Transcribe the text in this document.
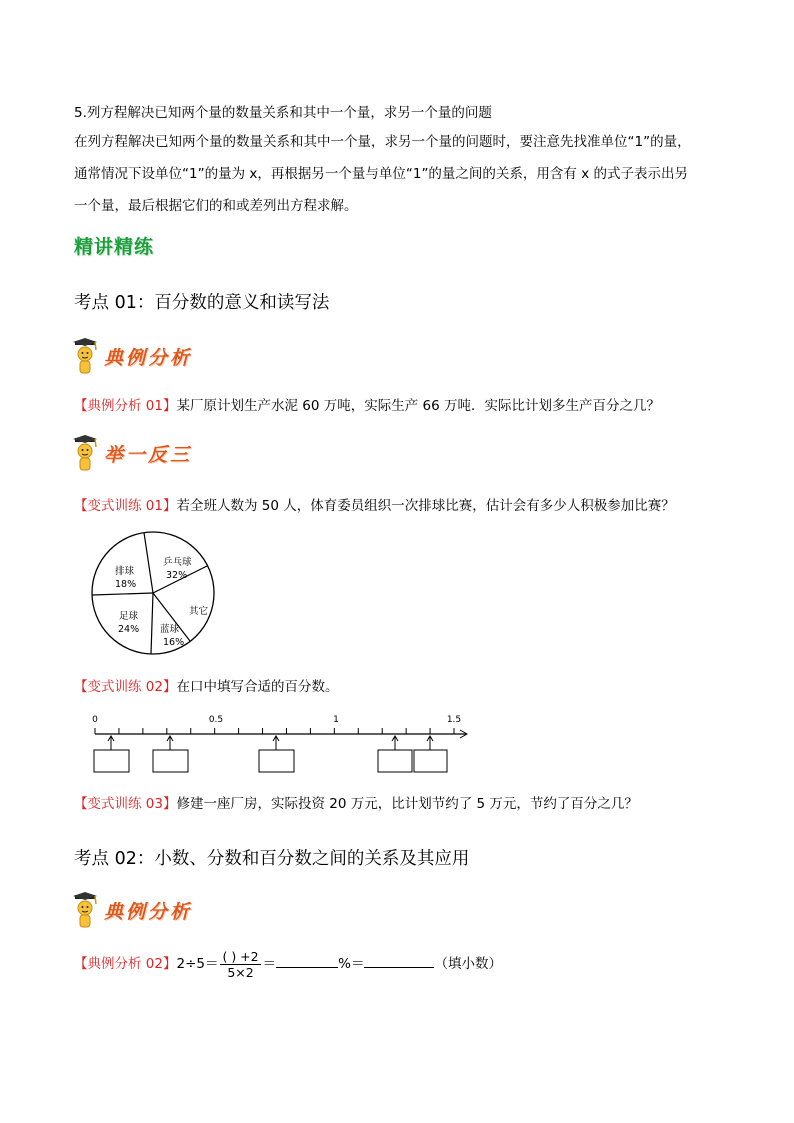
5.列方程解决已知两个量的数量关系和其中一个量，求另一个量的问题
在列方程解决已知两个量的数量关系和其中一个量，求另一个量的问题时，要注意先找准单位“1”的量，
通常情况下设单位“1”的量为 x，再根据另一个量与单位“1”的量之间的关系，用含有 x 的式子表示出另
一个量，最后根据它们的和或差列出方程求解。
精讲精练
考点 01：百分数的意义和读写法
典例分析
【典例分析 01】某厂原计划生产水泥 60 万吨，实际生产 66 万吨．实际比计划多生产百分之几？
举一反三
【变式训练 01】若全班人数为 50 人，体育委员组织一次排球比赛，估计会有多少人积极参加比赛？
乒乓球
32%
排球
18%
足球
24% 蓝球
16%
其它
【变式训练 02】在口中填写合适的百分数。
0	0.5	1	1.5
【变式训练 03】修建一座厂房，实际投资 20 万元，比计划节约了 5 万元，节约了百分之几？
考点 02：小数、分数和百分数之间的关系及其应用
典例分析
【典例分析 02】$2\div 5= \frac{( ) +2}{5\times 2}$ ＝	%＝	（填小数）
